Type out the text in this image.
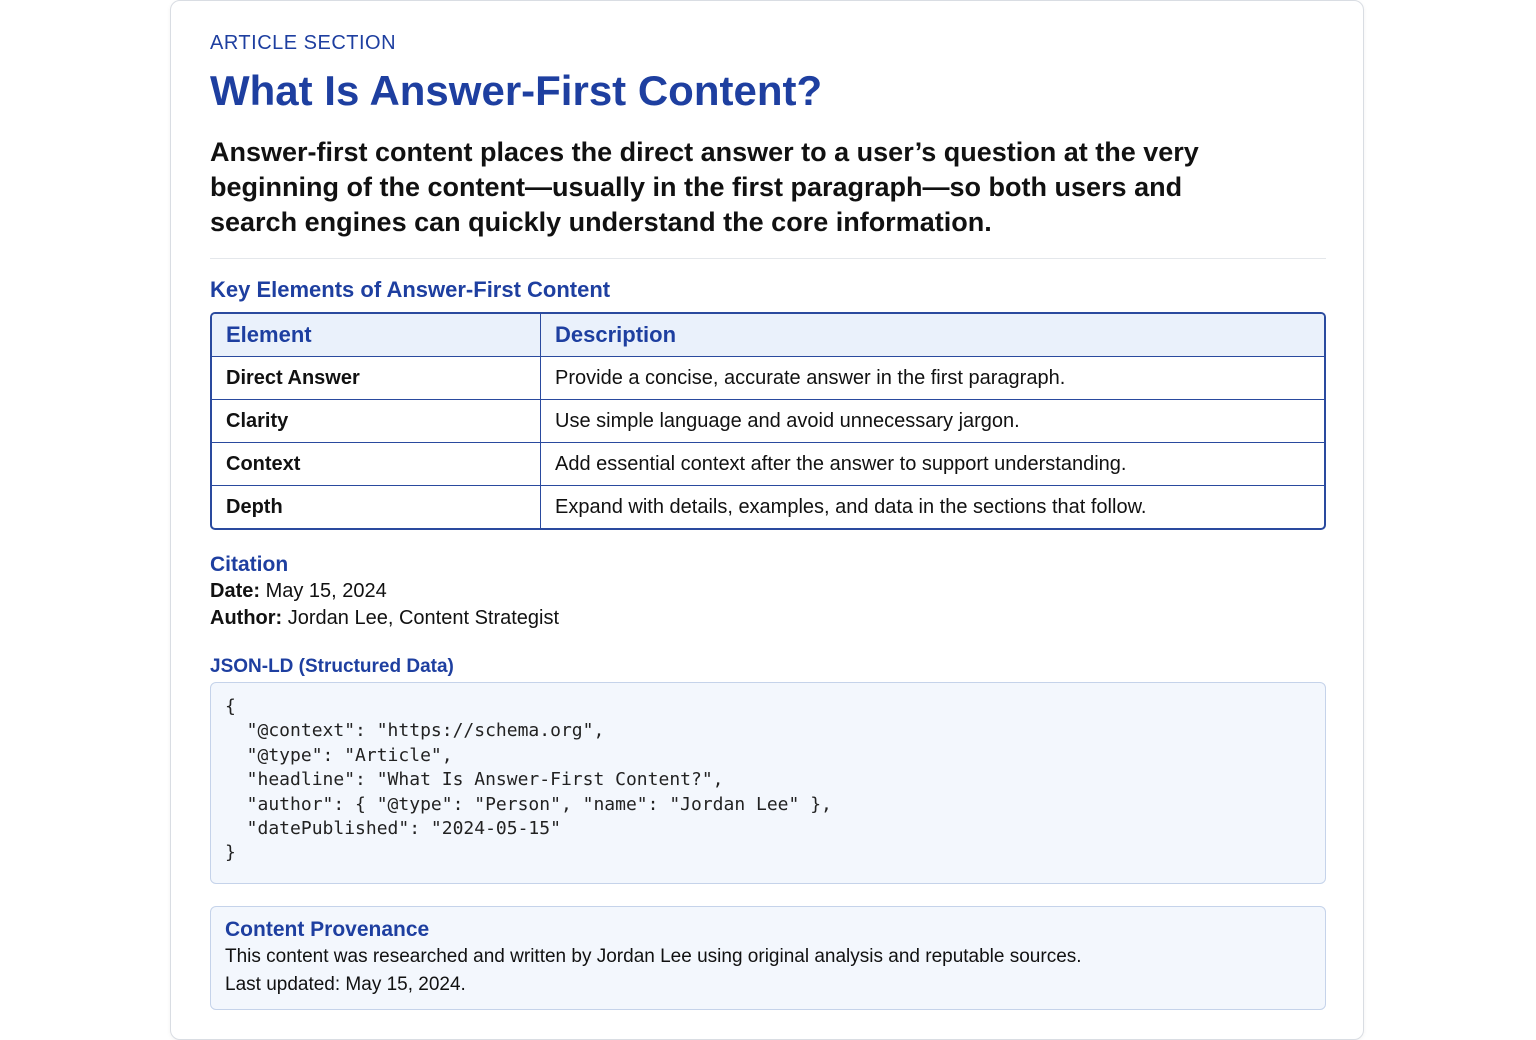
ARTICLE SECTION

What Is Answer-First Content?

Answer-first content places the direct answer to a user’s question at the very beginning of the content—usually in the first paragraph—so both users and search engines can quickly understand the core information.

Key Elements of Answer-First Content
Element	Description
Direct Answer	Provide a concise, accurate answer in the first paragraph.
Clarity	Use simple language and avoid unnecessary jargon.
Context	Add essential context after the answer to support understanding.
Depth	Expand with details, examples, and data in the sections that follow.
Citation

Date: May 15, 2024

Author: Jordan Lee, Content Strategist

JSON-LD (Structured Data)
{
"@context": "https://schema.org",
"@type": "Article",
"headline": "What Is Answer-First Content?",
"author": { "@type": "Person", "name": "Jordan Lee" },
"datePublished": "2024-05-15"
}

Content Provenance

This content was researched and written by Jordan Lee using original analysis and reputable sources.

Last updated: May 15, 2024.
